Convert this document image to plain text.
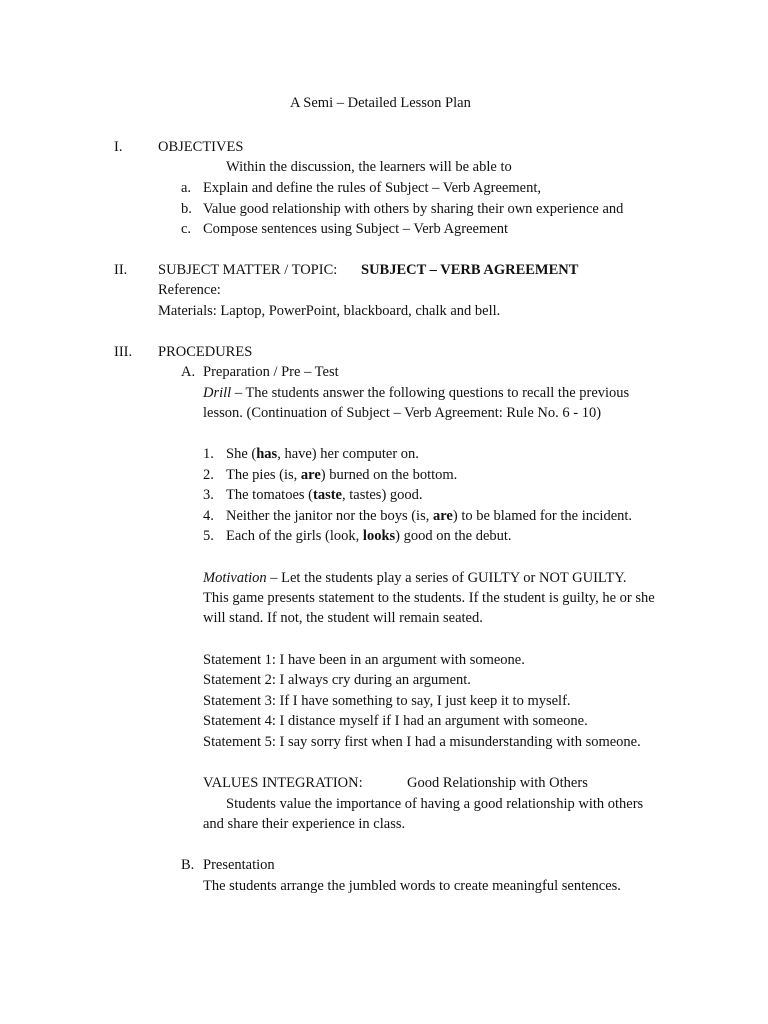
A Semi – Detailed Lesson Plan
I. OBJECTIVES
Within the discussion, the learners will be able to
a. Explain and define the rules of Subject – Verb Agreement,
b. Value good relationship with others by sharing their own experience and
c. Compose sentences using Subject – Verb Agreement
II. SUBJECT MATTER / TOPIC: SUBJECT – VERB AGREEMENT
Reference:
Materials: Laptop, PowerPoint, blackboard, chalk and bell.
III. PROCEDURES
A. Preparation / Pre – Test
Drill – The students answer the following questions to recall the previous
lesson. (Continuation of Subject – Verb Agreement: Rule No. 6 - 10)
1. She (has, have) her computer on.
2. The pies (is, are) burned on the bottom.
3. The tomatoes (taste, tastes) good.
4. Neither the janitor nor the boys (is, are) to be blamed for the incident.
5. Each of the girls (look, looks) good on the debut.
Motivation – Let the students play a series of GUILTY or NOT GUILTY.
This game presents statement to the students. If the student is guilty, he or she
will stand. If not, the student will remain seated.
Statement 1: I have been in an argument with someone.
Statement 2: I always cry during an argument.
Statement 3: If I have something to say, I just keep it to myself.
Statement 4: I distance myself if I had an argument with someone.
Statement 5: I say sorry first when I had a misunderstanding with someone.
VALUES INTEGRATION:	Good Relationship with Others
Students value the importance of having a good relationship with others
and share their experience in class.
B. Presentation
The students arrange the jumbled words to create meaningful sentences.
